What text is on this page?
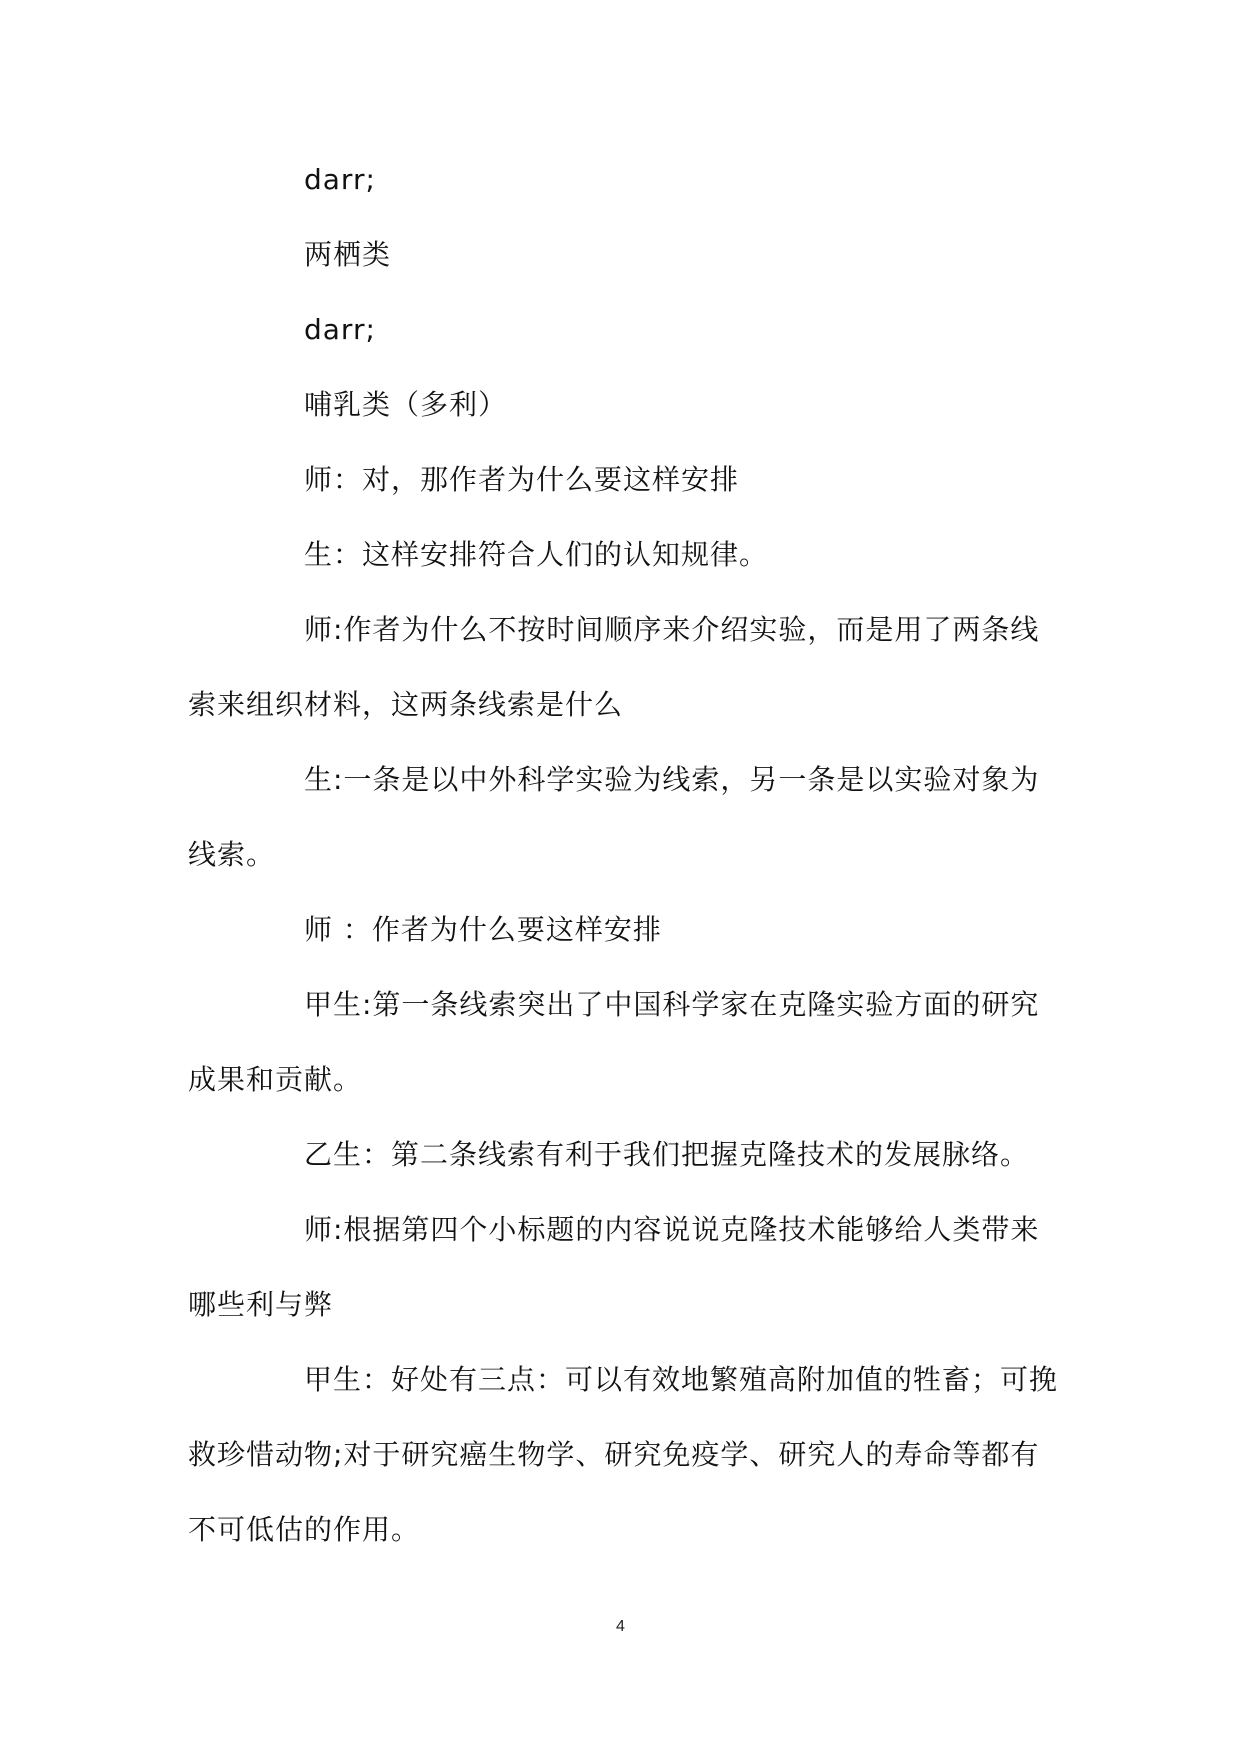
darr;

两栖类

darr;

哺乳类（多利）

师：对，那作者为什么要这样安排

生：这样安排符合人们的认知规律。

师:作者为什么不按时间顺序来介绍实验，而是用了两条线索来组织材料，这两条线索是什么

生:一条是以中外科学实验为线索，另一条是以实验对象为线索。

师 ：作者为什么要这样安排

甲生:第一条线索突出了中国科学家在克隆实验方面的研究成果和贡献。

乙生：第二条线索有利于我们把握克隆技术的发展脉络。

师:根据第四个小标题的内容说说克隆技术能够给人类带来哪些利与弊

甲生：好处有三点：可以有效地繁殖高附加值的牲畜；可挽救珍惜动物;对于研究癌生物学、研究免疫学、研究人的寿命等都有不可低估的作用。

4
